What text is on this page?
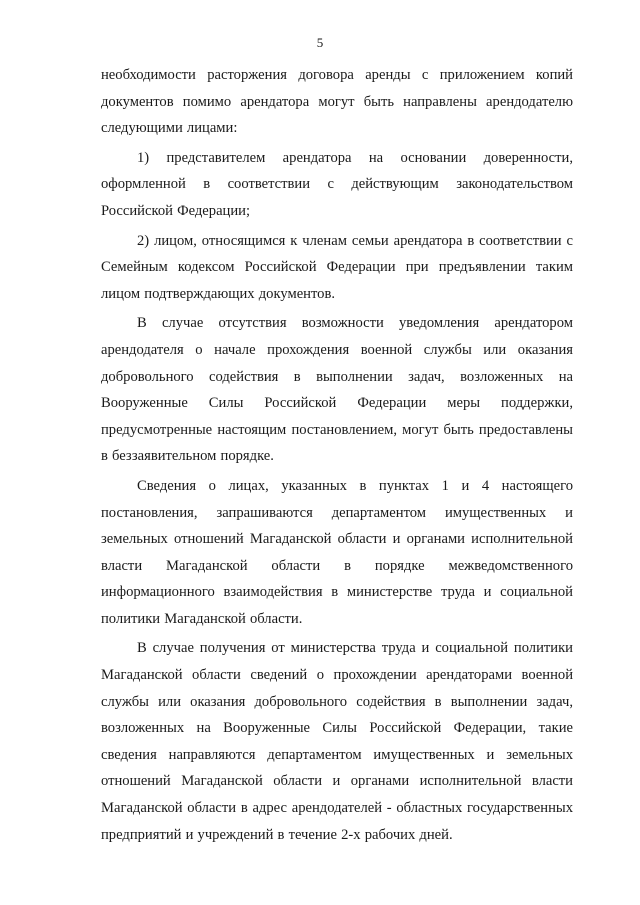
5

необходимости расторжения договора аренды с приложением копий документов помимо арендатора могут быть направлены арендодателю следующими лицами:

1) представителем арендатора на основании доверенности, оформленной в соответствии с действующим законодательством Российской Федерации;

2) лицом, относящимся к членам семьи арендатора в соответствии с Семейным кодексом Российской Федерации при предъявлении таким лицом подтверждающих документов.

В случае отсутствия возможности уведомления арендатором арендодателя о начале прохождения военной службы или оказания добровольного содействия в выполнении задач, возложенных на Вооруженные Силы Российской Федерации меры поддержки, предусмотренные настоящим постановлением, могут быть предоставлены в беззаявительном порядке.

Сведения о лицах, указанных в пунктах 1 и 4 настоящего постановления, запрашиваются департаментом имущественных и земельных отношений Магаданской области и органами исполнительной власти Магаданской области в порядке межведомственного информационного взаимодействия в министерстве труда и социальной политики Магаданской области.

В случае получения от министерства труда и социальной политики Магаданской области сведений о прохождении арендаторами военной службы или оказания добровольного содействия в выполнении задач, возложенных на Вооруженные Силы Российской Федерации, такие сведения направляются департаментом имущественных и земельных отношений Магаданской области и органами исполнительной власти Магаданской области в адрес арендодателей - областных государственных предприятий и учреждений в течение 2-х рабочих дней.
